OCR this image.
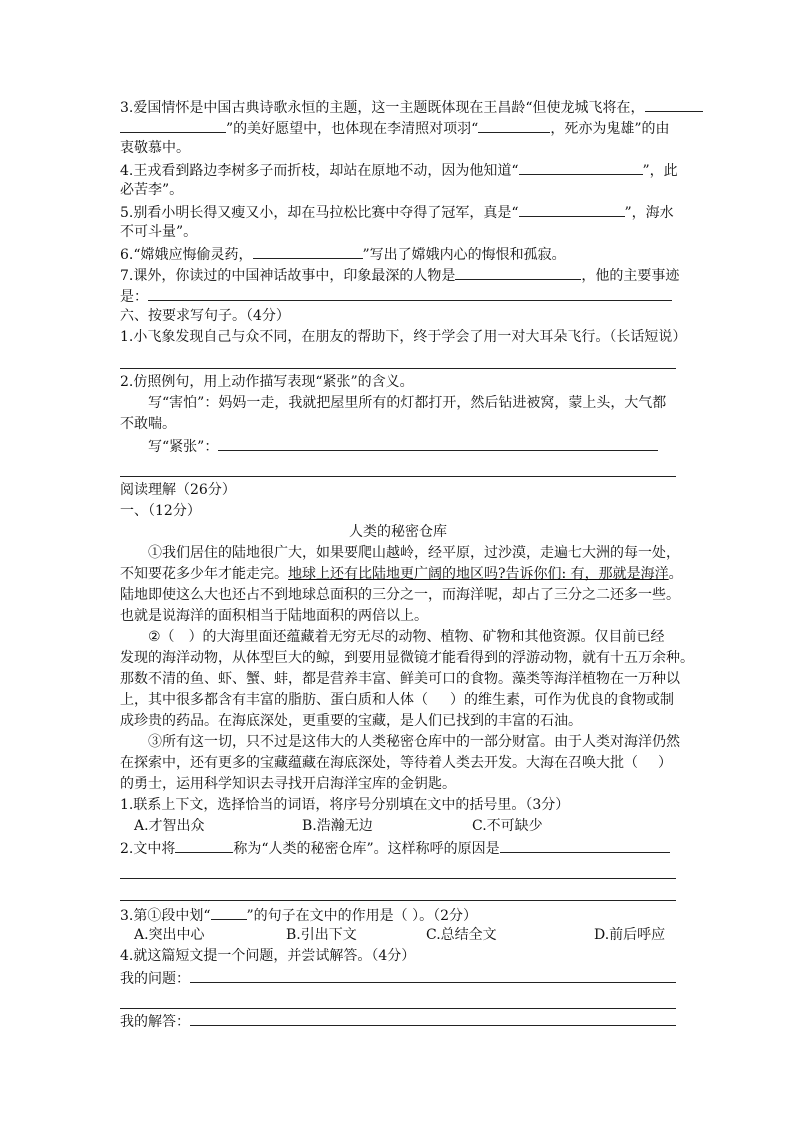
3.爱国情怀是中国古典诗歌永恒的主题，这一主题既体现在王昌龄“但使龙城飞将在，
”的美好愿望中，也体现在李清照对项羽“	，死亦为鬼雄”的由
衷敬慕中。
4.王戎看到路边李树多子而折枝，却站在原地不动，因为他知道“	”，此
必苦李”。
5.别看小明长得又瘦又小，却在马拉松比赛中夺得了冠军，真是“	”，海水
不可斗量”。
6.“嫦娥应悔偷灵药，	”写出了嫦娥内心的悔恨和孤寂。
7.课外，你读过的中国神话故事中，印象最深的人物是	，他的主要事迹
是：
六、按要求写句子。（4分）
1.小飞象发现自己与众不同，在朋友的帮助下，终于学会了用一对大耳朵飞行。（长话短说）
2.仿照例句，用上动作描写表现“紧张”的含义。
写“害怕”：妈妈一走，我就把屋里所有的灯都打开，然后钻进被窝，蒙上头，大气都
不敢喘。
写“紧张”：
阅读理解（26分）
一、（12分）
人类的秘密仓库
①我们居住的陆地很广大，如果要爬山越岭，经平原，过沙漠，走遍七大洲的每一处，
不知要花多少年才能走完。地球上还有比陆地更广阔的地区吗?告诉你们: 有，那就是海洋。
陆地即使这么大也还占不到地球总面积的三分之一，而海洋呢，却占了三分之二还多一些。
也就是说海洋的面积相当于陆地面积的两倍以上。
②（ ）的大海里面还蕴藏着无穷无尽的动物、植物、矿物和其他资源。仅目前已经
发现的海洋动物，从体型巨大的鲸，到要用显微镜才能看得到的浮游动物，就有十五万余种。
那数不清的鱼、虾、蟹、蚌，都是营养丰富、鲜美可口的食物。藻类等海洋植物在一万种以
上，其中很多都含有丰富的脂肪、蛋白质和人体（ ）的维生素，可作为优良的食物或制
成珍贵的药品。在海底深处，更重要的宝藏，是人们已找到的丰富的石油。
③所有这一切，只不过是这伟大的人类秘密仓库中的一部分财富。由于人类对海洋仍然
在探索中，还有更多的宝藏蕴藏在海底深处，等待着人类去开发。大海在召唤大批（ ）
的勇士，运用科学知识去寻找开启海洋宝库的金钥匙。
1.联系上下文，选择恰当的词语，将序号分别填在文中的括号里。（3分）
A.才智出众	B.浩瀚无边	C.不可缺少
2.文中将	称为“人类的秘密仓库”。这样称呼的原因是
3.第①段中划“	”的句子在文中的作用是（ ）。（2分）
A.突出中心	B.引出下文	C.总结全文	D.前后呼应
4.就这篇短文提一个问题，并尝试解答。（4分）
我的问题：
我的解答：
